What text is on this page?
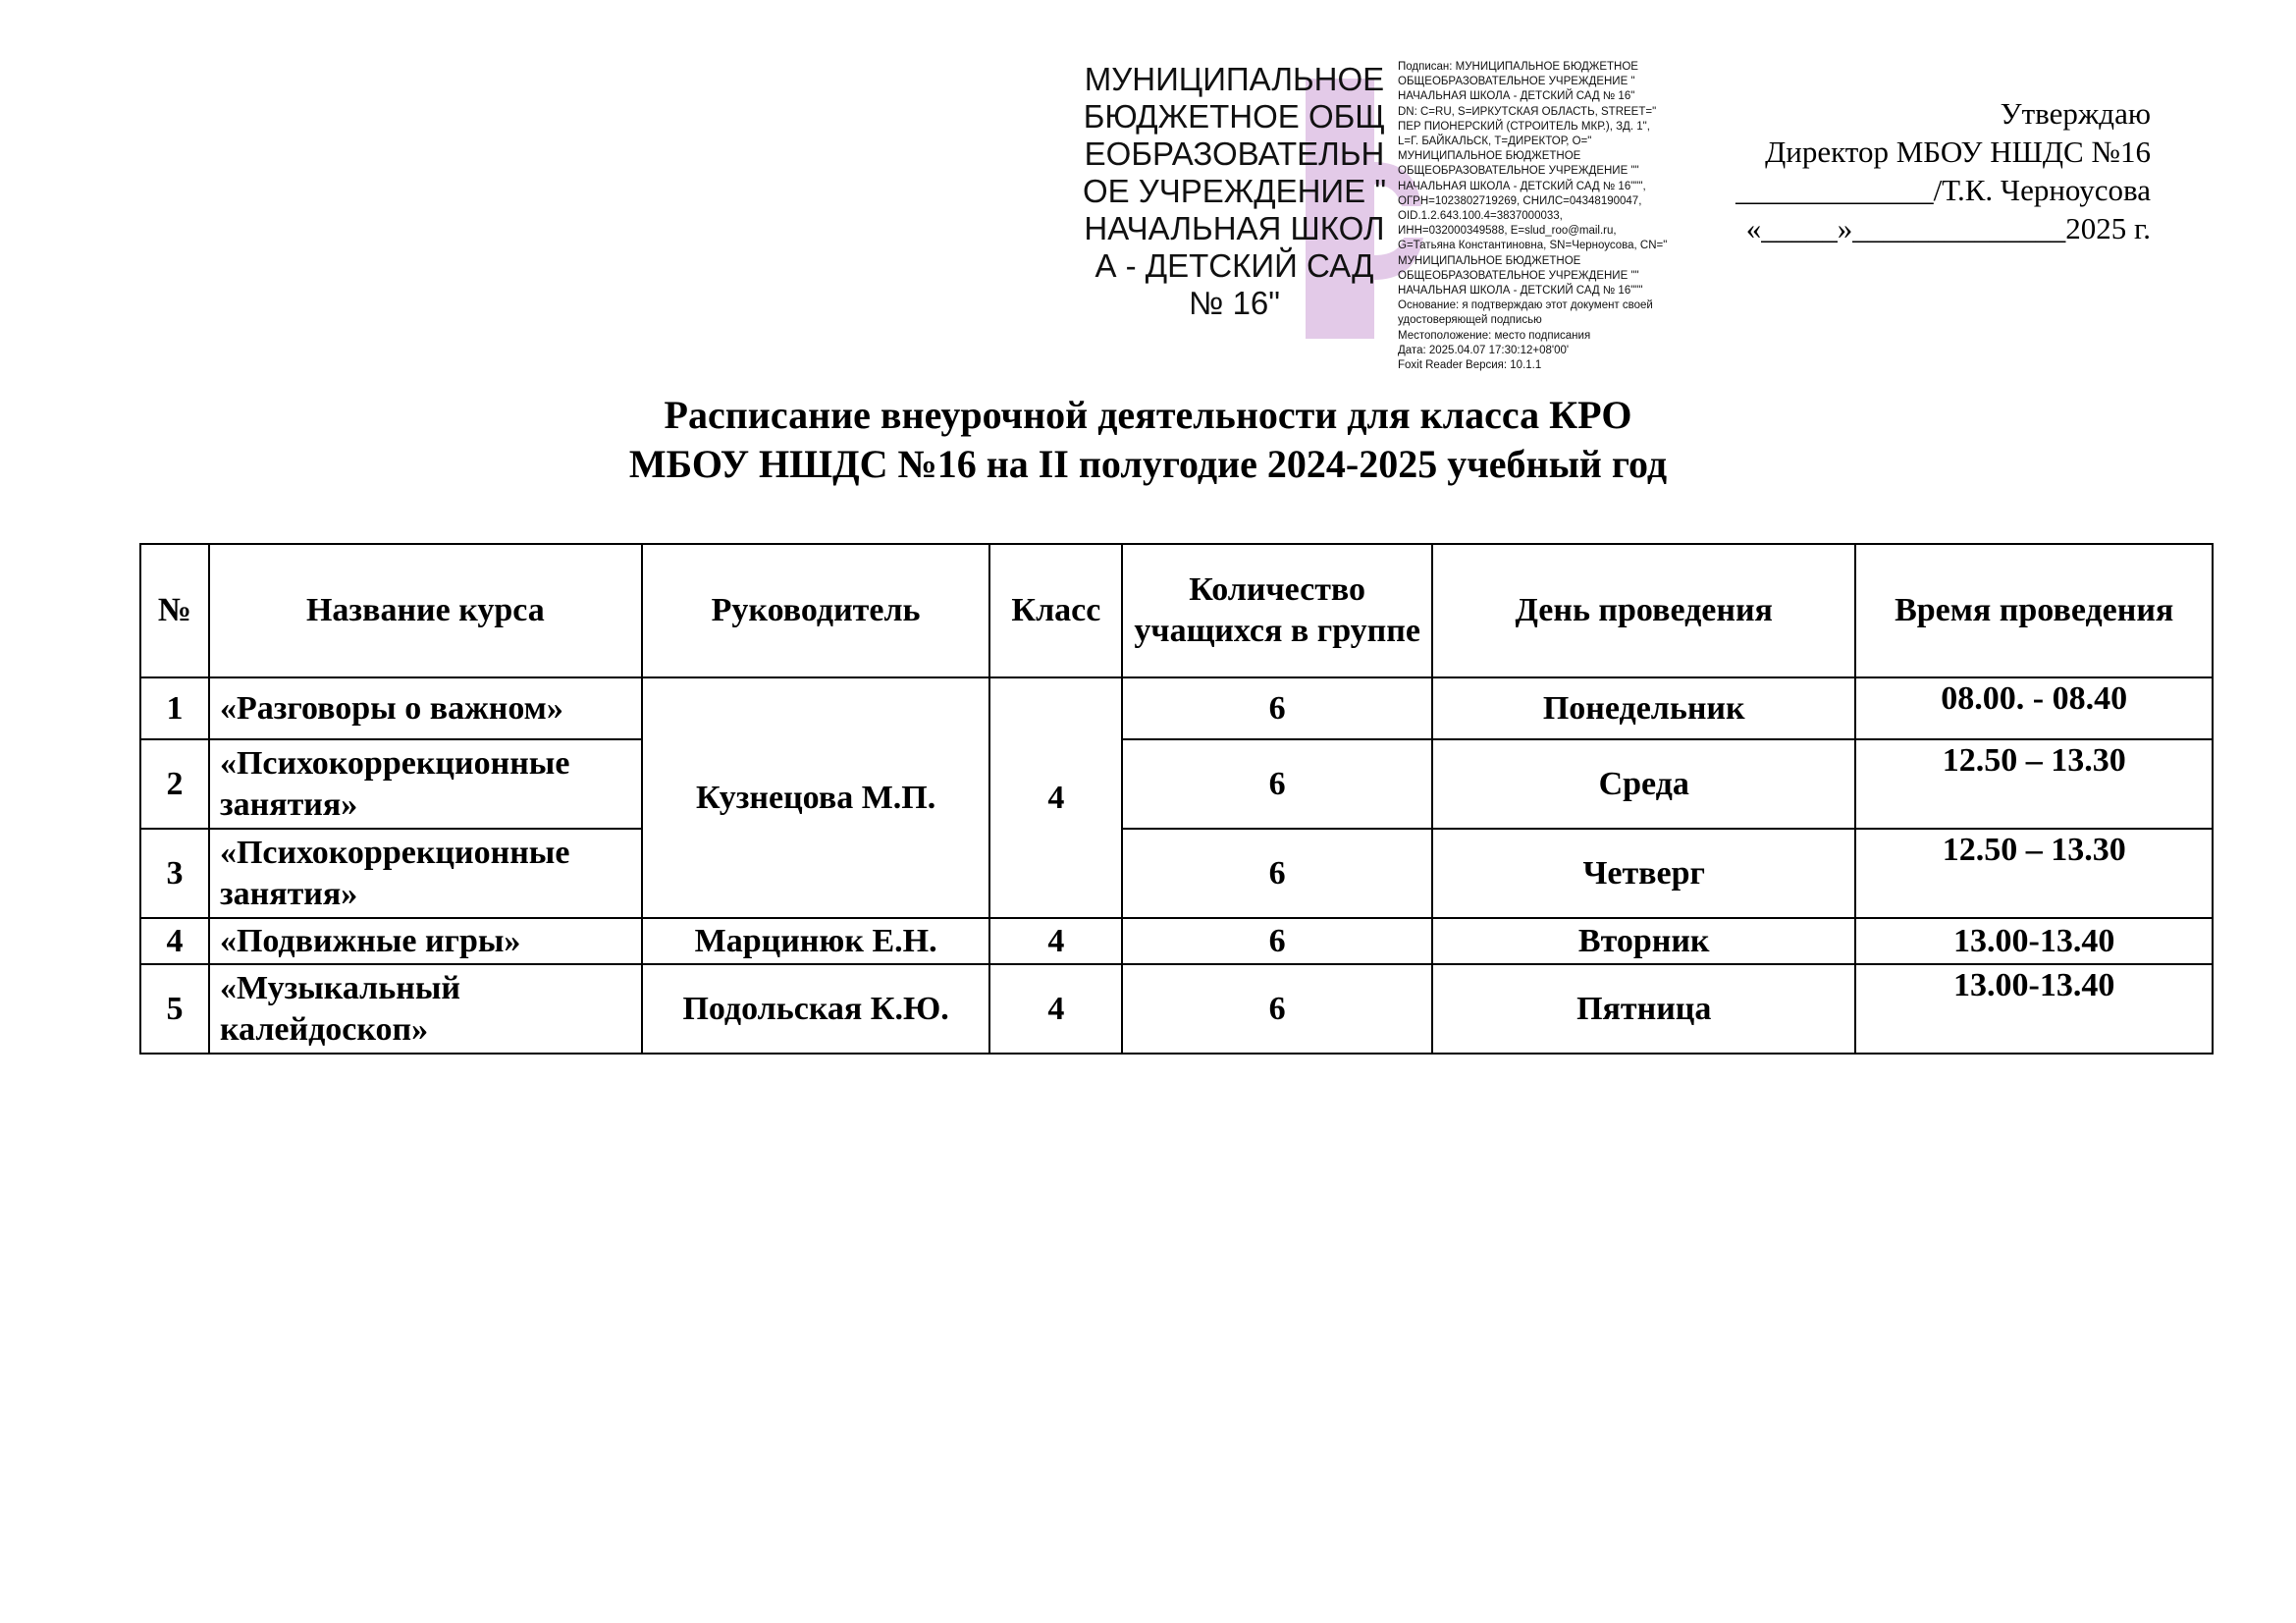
МУНИЦИПАЛЬНОЕ БЮДЖЕТНОЕ ОБЩЕОБРАЗОВАТЕЛЬНОЕ УЧРЕЖДЕНИЕ " НАЧАЛЬНАЯ ШКОЛА - ДЕТСКИЙ САД № 16"
Подписан: МУНИЦИПАЛЬНОЕ БЮДЖЕТНОЕ
ОБЩЕОБРАЗОВАТЕЛЬНОЕ УЧРЕЖДЕНИЕ "
НАЧАЛЬНАЯ ШКОЛА - ДЕТСКИЙ САД № 16"
DN: C=RU, S=ИРКУТСКАЯ ОБЛАСТЬ, STREET="
ПЕР ПИОНЕРСКИЙ (СТРОИТЕЛЬ МКР.), ЗД. 1",
L=Г. БАЙКАЛЬСК, T=ДИРЕКТОР, O="
МУНИЦИПАЛЬНОЕ БЮДЖЕТНОЕ
ОБЩЕОБРАЗОВАТЕЛЬНОЕ УЧРЕЖДЕНИЕ ""
НАЧАЛЬНАЯ ШКОЛА - ДЕТСКИЙ САД № 16""",
ОГРН=1023802719269, СНИЛС=04348190047,
OID.1.2.643.100.4=3837000033,
ИНН=032000349588, E=slud_roo@mail.ru,
G=Татьяна Константиновна, SN=Черноусова, CN="
МУНИЦИПАЛЬНОЕ БЮДЖЕТНОЕ
ОБЩЕОБРАЗОВАТЕЛЬНОЕ УЧРЕЖДЕНИЕ ""
НАЧАЛЬНАЯ ШКОЛА - ДЕТСКИЙ САД № 16"""
Основание: я подтверждаю этот документ своей
удостоверяющей подписью
Местоположение: место подписания
Дата: 2025.04.07 17:30:12+08'00'
Foxit Reader Версия: 10.1.1
Утверждаю
Директор МБОУ НШДС №16
_____________/Т.К. Черноусова
«_____»______________2025 г.
Расписание внеурочной деятельности для класса КРО
МБОУ НШДС №16 на II полугодие 2024-2025 учебный год
№	Название курса	Руководитель	Класс	Количество учащихся в группе	День проведения	Время проведения
1	«Разговоры о важном»	Кузнецова М.П.	4	6	Понедельник	08.00. - 08.40
2	«Психокоррекционные занятия»			6	Среда	12.50 – 13.30
3	«Психокоррекционные занятия»			6	Четверг	12.50 – 13.30
4	«Подвижные игры»	Марцинюк Е.Н.	4	6	Вторник	13.00-13.40
5	«Музыкальный калейдоскоп»	Подольская К.Ю.	4	6	Пятница	13.00-13.40
